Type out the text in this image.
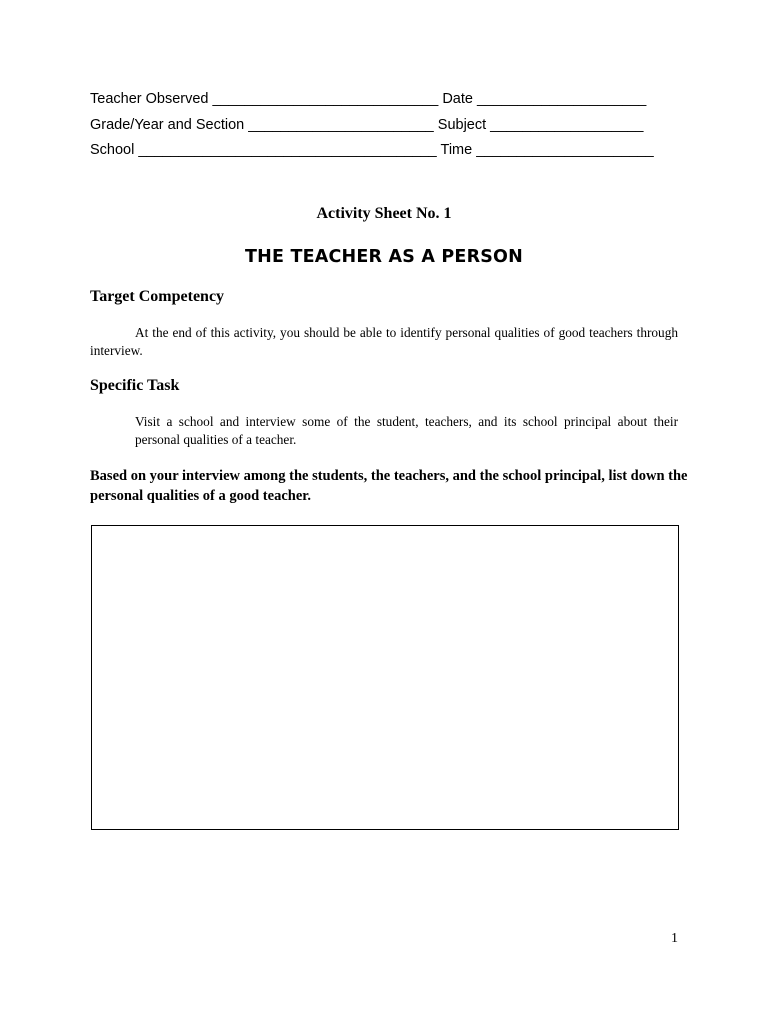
Teacher Observed ____________________________ Date _____________________
Grade/Year and Section _______________________ Subject ___________________
School _____________________________________ Time ______________________
Activity Sheet No. 1
THE TEACHER AS A PERSON
Target Competency
At the end of this activity, you should be able to identify personal qualities of good teachers through interview.
Specific Task
Visit a school and interview some of the student, teachers, and its school principal about their personal qualities of a teacher.
Based on your interview among the students, the teachers, and the school principal, list down the personal qualities of a good teacher.
1
